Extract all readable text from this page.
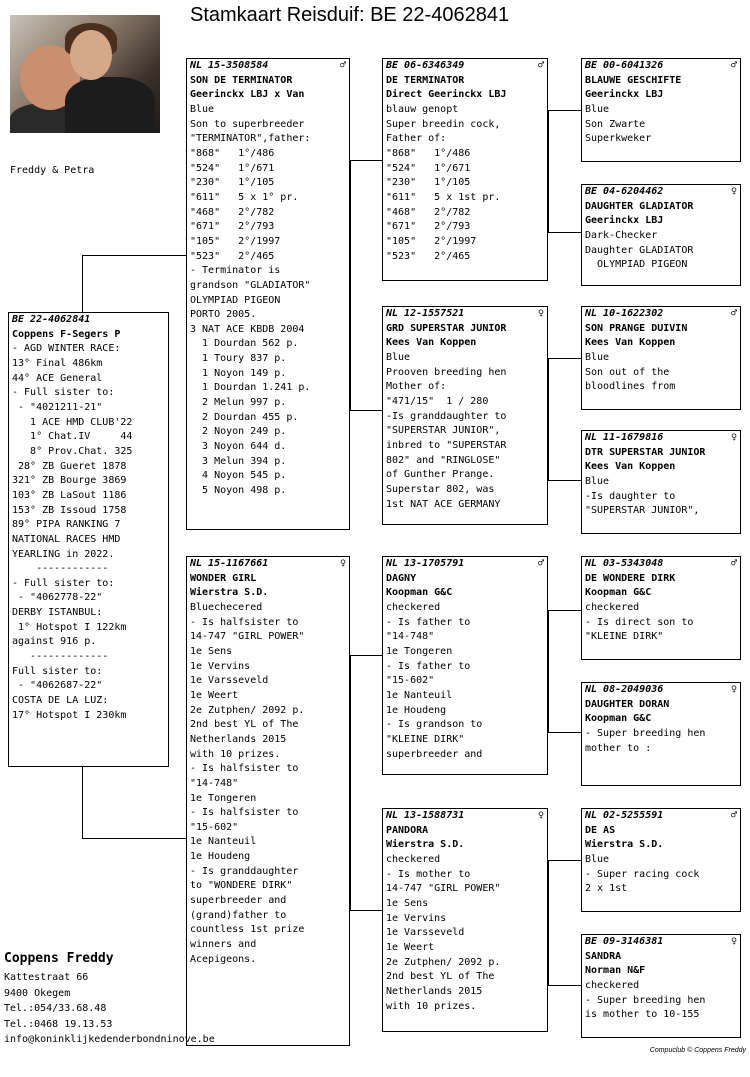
Stamkaart Reisduif: BE 22-4062841
Freddy & Petra
BE 22-4062841
Coppens F-Segers P
- AGD WINTER RACE:
13° Final 486km
44° ACE General
- Full sister to:
- "4021211-21"
1 ACE HMD CLUB'22
1° Chat.IV     44
8° Prov.Chat. 325
28° ZB Gueret 1878
321° ZB Bourge 3869
103° ZB LaSout 1186
153° ZB Issoud 1758
89° PIPA RANKING 7
NATIONAL RACES HMD
YEARLING in 2022.
------------
- Full sister to:
- "4062778-22"
DERBY ISTANBUL:
1° Hotspot I 122km
against 916 p.
-------------
Full sister to:
- "4062687-22"
COSTA DE LA LUZ:
17° Hotspot I 230km
NL 15-3508584	♂
SON DE TERMINATOR
Geerinckx LBJ x Van
Blue
Son to superbreeder
"TERMINATOR",father:
"868"   1°/486
"524"   1°/671
"230"   1°/105
"611"   5 x 1° pr.
"468"   2°/782
"671"   2°/793
"105"   2°/1997
"523"   2°/465
- Terminator is
grandson "GLADIATOR"
OLYMPIAD PIGEON
PORTO 2005.
3 NAT ACE KBDB 2004
1 Dourdan 562 p.
1 Toury 837 p.
1 Noyon 149 p.
1 Dourdan 1.241 p.
2 Melun 997 p.
2 Dourdan 455 p.
2 Noyon 249 p.
3 Noyon 644 d.
3 Melun 394 p.
4 Noyon 545 p.
5 Noyon 498 p.
NL 15-1167661	♀
WONDER GIRL
Wierstra S.D.
Bluechecered
- Is halfsister to
14-747 "GIRL POWER"
1e Sens
1e Vervins
1e Varsseveld
1e Weert
2e Zutphen/ 2092 p.
2nd best YL of The
Netherlands 2015
with 10 prizes.
- Is halfsister to
"14-748"
1e Tongeren
- Is halfsister to
"15-602"
1e Nanteuil
1e Houdeng
- Is granddaughter
to "WONDERE DIRK"
superbreeder and
(grand)father to
countless 1st prize
winners and
Acepigeons.
BE 06-6346349	♂
DE TERMINATOR
Direct Geerinckx LBJ
blauw genopt
Super breedin cock,
Father of:
"868"   1°/486
"524"   1°/671
"230"   1°/105
"611"   5 x 1st pr.
"468"   2°/782
"671"   2°/793
"105"   2°/1997
"523"   2°/465
NL 12-1557521	♀
GRD SUPERSTAR JUNIOR
Kees Van Koppen
Blue
Prooven breeding hen
Mother of:
"471/15"  1 / 280
-Is granddaughter to
"SUPERSTAR JUNIOR",
inbred to "SUPERSTAR
802" and "RINGLOSE"
of Gunther Prange.
Superstar 802, was
1st NAT ACE GERMANY
NL 13-1705791	♂
DAGNY
Koopman G&C
checkered
- Is father to
"14-748"
1e Tongeren
- Is father to
"15-602"
1e Nanteuil
1e Houdeng
- Is grandson to
"KLEINE DIRK"
superbreeder and
NL 13-1588731	♀
PANDORA
Wierstra S.D.
checkered
- Is mother to
14-747 "GIRL POWER"
1e Sens
1e Vervins
1e Varsseveld
1e Weert
2e Zutphen/ 2092 p.
2nd best YL of The
Netherlands 2015
with 10 prizes.
BE 00-6041326	♂
BLAUWE GESCHIFTE
Geerinckx LBJ
Blue
Son Zwarte
Superkweker
BE 04-6204462	♀
DAUGHTER GLADIATOR
Geerinckx LBJ
Dark-Checker
Daughter GLADIATOR
OLYMPIAD PIGEON
NL 10-1622302	♂
SON PRANGE DUIVIN
Kees Van Koppen
Blue
Son out of the
bloodlines from
NL 11-1679816	♀
DTR SUPERSTAR JUNIOR
Kees Van Koppen
Blue
-Is daughter to
"SUPERSTAR JUNIOR",
NL 03-5343048	♂
DE WONDERE DIRK
Koopman G&C
checkered
- Is direct son to
"KLEINE DIRK"
NL 08-2049036	♀
DAUGHTER DORAN
Koopman G&C
- Super breeding hen
mother to :
NL 02-5255591	♂
DE AS
Wierstra S.D.
Blue
- Super racing cock
2 x 1st
BE 09-3146381	♀
SANDRA
Norman N&F
checkered
- Super breeding hen
is mother to 10-155
Coppens Freddy
Kattestraat 66
9400 Okegem
Tel.:054/33.68.48
Tel.:0468 19.13.53
info@koninklijkedenderbondninove.be
Compuclub © Coppens Freddy
